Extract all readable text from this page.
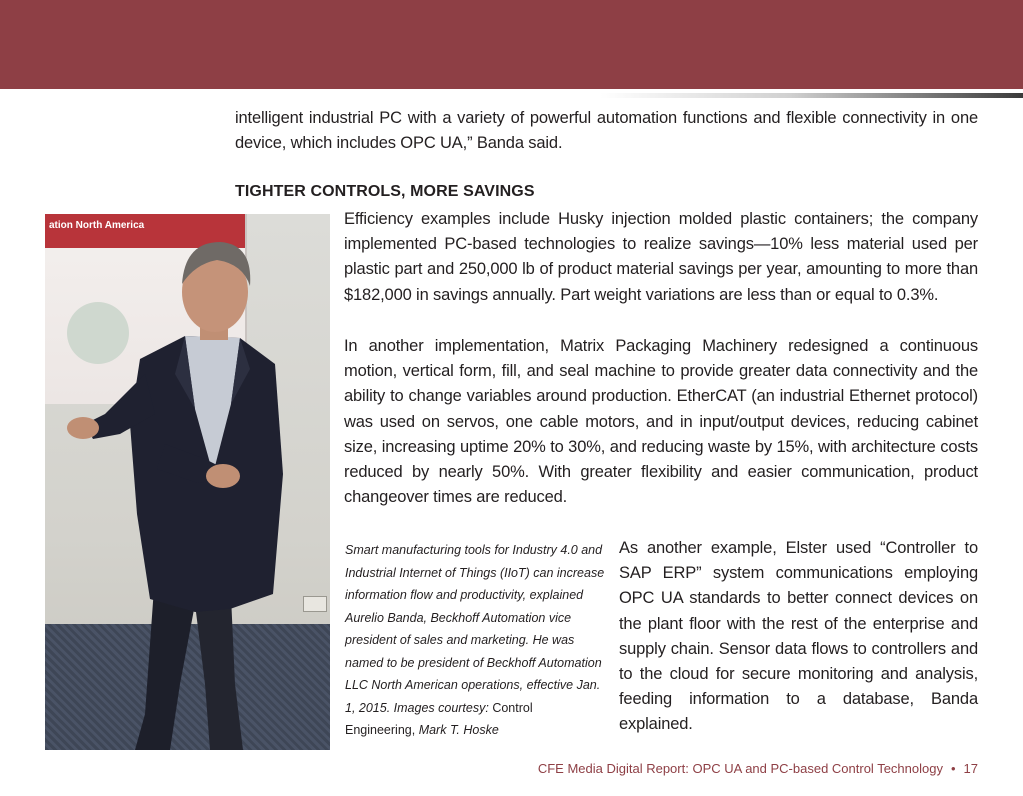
intelligent industrial PC with a variety of powerful automation functions and flexible connectivity in one device, which includes OPC UA,” Banda said.

TIGHTER CONTROLS, MORE SAVINGS

Efficiency examples include Husky injection molded plastic containers; the company implemented PC-based technologies to realize savings—10% less material used per plastic part and 250,000 lb of product material savings per year, amounting to more than $182,000 in savings annually. Part weight variations are less than or equal to 0.3%.

In another implementation, Matrix Packaging Machinery redesigned a continuous motion, vertical form, fill, and seal machine to provide greater data connectivity and the ability to change variables around production. EtherCAT (an industrial Ethernet protocol) was used on servos, one cable motors, and in input/output devices, reducing cabinet size, increasing uptime 20% to 30%, and reducing waste by 15%, with architecture costs reduced by nearly 50%. With greater flexibility and easier communication, product changeover times are reduced.

ation North America

Smart manufacturing tools for Industry 4.0 and Industrial Internet of Things (IIoT) can increase information flow and productivity, explained Aurelio Banda, Beckhoff Automation vice president of sales and marketing. He was named to be president of Beckhoff Automation LLC North American operations, effective Jan. 1, 2015. Images courtesy: Control Engineering, Mark T. Hoske

As another example, Elster used “Controller to SAP ERP” system communications employing OPC UA standards to better connect devices on the plant floor with the rest of the enterprise and supply chain. Sensor data flows to controllers and to the cloud for secure monitoring and analysis, feeding information to a database, Banda explained.

CFE Media Digital Report: OPC UA and PC-based Control Technology • 17
